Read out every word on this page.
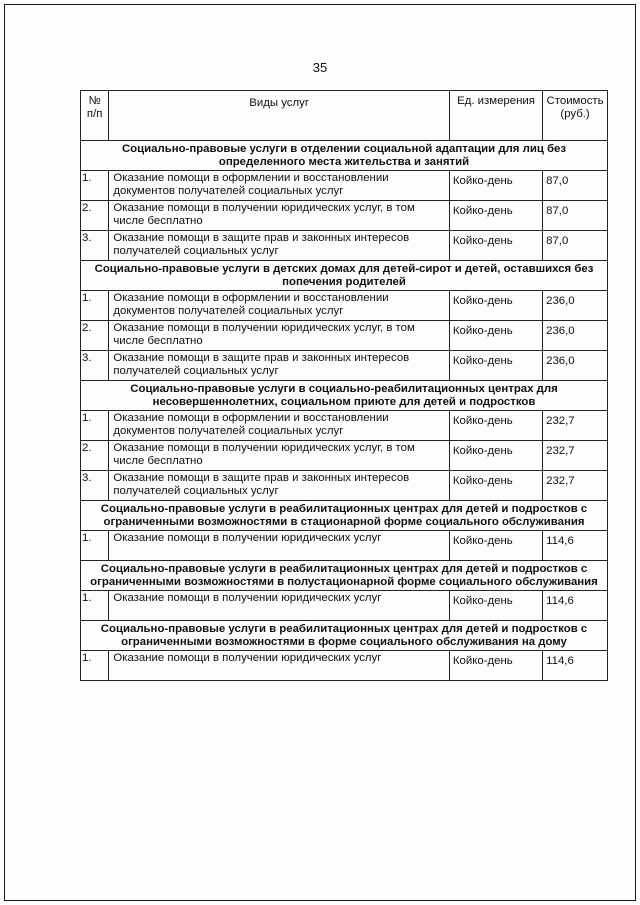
35
№ п/п	Виды услуг	Ед. измерения	Стоимость (руб.)
Социально-правовые услуги в отделении социальной адаптации для лиц без определенного места жительства и занятий			
1.	Оказание помощи в оформлении и восстановлении документов получателей социальных услуг	Койко-день	87,0
2.	Оказание помощи в получении юридических услуг, в том числе бесплатно	Койко-день	87,0
3.	Оказание помощи в защите прав и законных интересов получателей социальных услуг	Койко-день	87,0
Социально-правовые услуги в детских домах для детей-сирот и детей, оставшихся без попечения родителей			
1.	Оказание помощи в оформлении и восстановлении документов получателей социальных услуг	Койко-день	236,0
2.	Оказание помощи в получении юридических услуг, в том числе бесплатно	Койко-день	236,0
3.	Оказание помощи в защите прав и законных интересов получателей социальных услуг	Койко-день	236,0
Социально-правовые услуги в социально-реабилитационных центрах для несовершеннолетних, социальном приюте для детей и подростков			
1.	Оказание помощи в оформлении и восстановлении документов получателей социальных услуг	Койко-день	232,7
2.	Оказание помощи в получении юридических услуг, в том числе бесплатно	Койко-день	232,7
3.	Оказание помощи в защите прав и законных интересов получателей социальных услуг	Койко-день	232,7
Социально-правовые услуги в реабилитационных центрах для детей и подростков с ограниченными возможностями в стационарной форме социального обслуживания			
1.	Оказание помощи в получении юридических услуг	Койко-день	114,6
Социально-правовые услуги в реабилитационных центрах для детей и подростков с ограниченными возможностями в полустационарной форме социального обслуживания			
1.	Оказание помощи в получении юридических услуг	Койко-день	114,6
Социально-правовые услуги в реабилитационных центрах для детей и подростков с ограниченными возможностями в форме социального обслуживания на дому			
1.	Оказание помощи в получении юридических услуг	Койко-день	114,6
